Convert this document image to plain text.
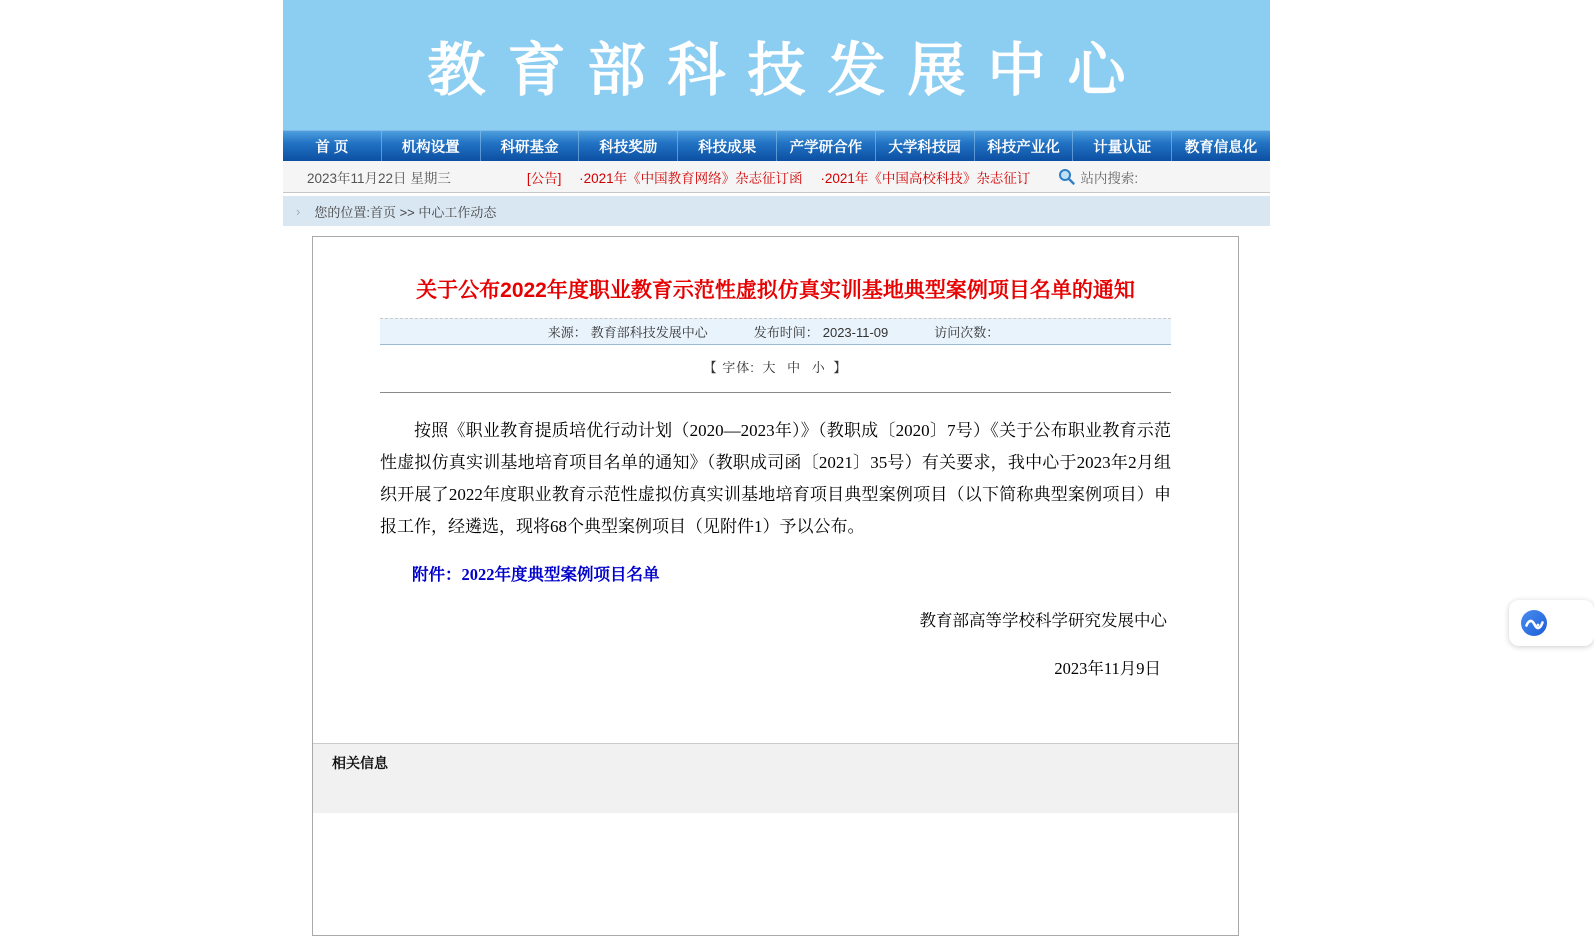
教育部科技发展中心
首 页	机构设置	科研基金	科技奖励	科技成果	产学研合作	大学科技园	科技产业化	计量认证	教育信息化
2023年11月22日 星期三	[公告] ·2021年《中国教育网络》杂志征订函 ·2021年《中国高校科技》杂志征订	站内搜索:
› 您的位置: 首页 >> 中心工作动态
关于公布2022年度职业教育示范性虚拟仿真实训基地典型案例项目名单的通知
来源： 教育部科技发展中心	发布时间： 2023-11-09	访问次数：
【 字体: 大 中 小 】

按照《职业教育提质培优行动计划（2020—2023年）》（教职成〔2020〕7号）《关于公布职业教育示范性虚拟仿真实训基地培育项目名单的通知》（教职成司函〔2021〕35号）有关要求，我中心于2023年2月组织开展了2022年度职业教育示范性虚拟仿真实训基地培育项目典型案例项目（以下简称典型案例项目）申报工作，经遴选，现将68个典型案例项目（见附件1）予以公布。

附件：2022年度典型案例项目名单
教育部高等学校科学研究发展中心
2023年11月9日
相关信息
